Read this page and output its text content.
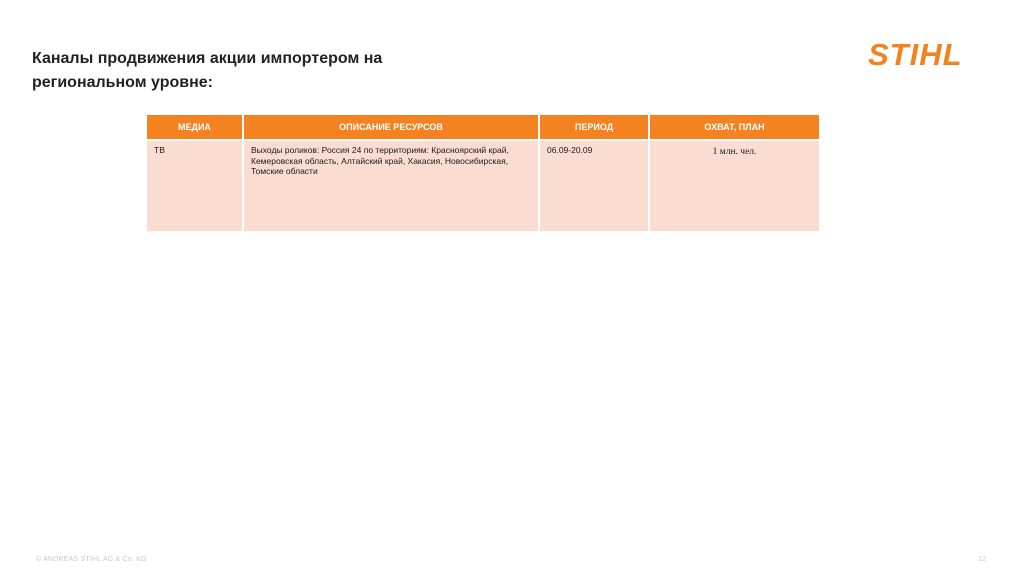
Каналы продвижения акции импортером на региональном уровне:
STIHL
МЕДИА	ОПИСАНИЕ РЕСУРСОВ	ПЕРИОД	ОХВАТ, ПЛАН
ТВ	Выходы роликов: Россия 24 по территориям: Красноярский край, Кемеровская область, Алтайский край, Хакасия, Новосибирская, Томские области	06.09-20.09	1 млн. чел.
© ANDREAS STIHL AG & Co. KG	12
